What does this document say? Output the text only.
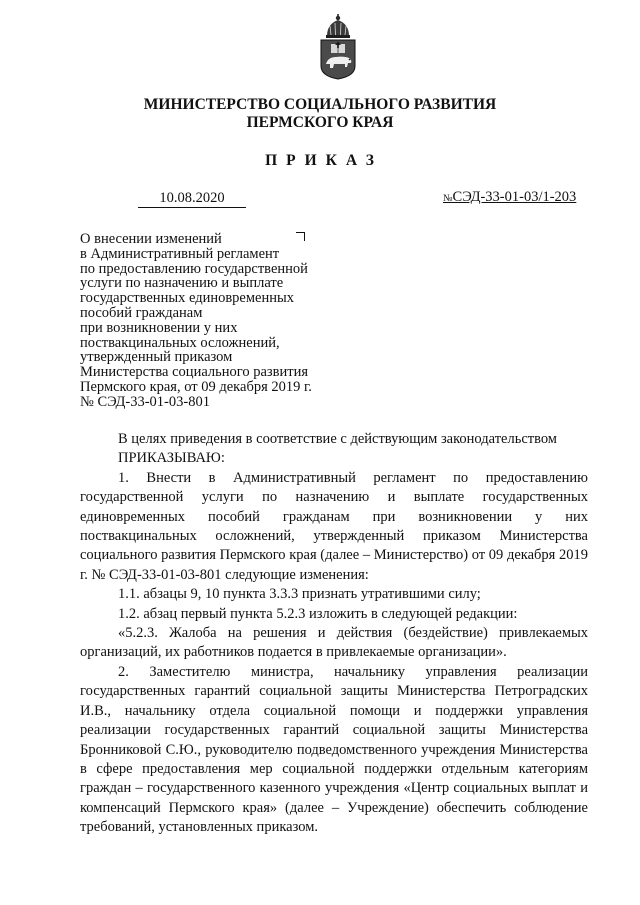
МИНИСТЕРСТВО СОЦИАЛЬНОГО РАЗВИТИЯ
ПЕРМСКОГО КРАЯ
ПРИКАЗ
10.08.2020	№СЭД-33-01-03/1-203
О внесении изменений
в Административный регламент
по предоставлению государственной
услуги по назначению и выплате
государственных единовременных
пособий гражданам
при возникновении у них
поствакцинальных осложнений,
утвержденный приказом
Министерства социального развития
Пермского края, от 09 декабря 2019 г.
№ СЭД-33-01-03-801

В целях приведения в соответствие с действующим законодательством

ПРИКАЗЫВАЮ:

1. Внести в Административный регламент по предоставлению государственной услуги по назначению и выплате государственных единовременных пособий гражданам при возникновении у них поствакцинальных осложнений, утвержденный приказом Министерства социального развития Пермского края (далее – Министерство) от 09 декабря 2019 г. № СЭД-33-01-03-801 следующие изменения:

1.1. абзацы 9, 10 пункта 3.3.3 признать утратившими силу;

1.2. абзац первый пункта 5.2.3 изложить в следующей редакции:

«5.2.3. Жалоба на решения и действия (бездействие) привлекаемых организаций, их работников подается в привлекаемые организации».

2. Заместителю министра, начальнику управления реализации государственных гарантий социальной защиты Министерства Петроградских И.В., начальнику отдела социальной помощи и поддержки управления реализации государственных гарантий социальной защиты Министерства Бронниковой С.Ю., руководителю подведомственного учреждения Министерства в сфере предоставления мер социальной поддержки отдельным категориям граждан – государственного казенного учреждения «Центр социальных выплат и компенсаций Пермского края» (далее – Учреждение) обеспечить соблюдение требований, установленных приказом.
